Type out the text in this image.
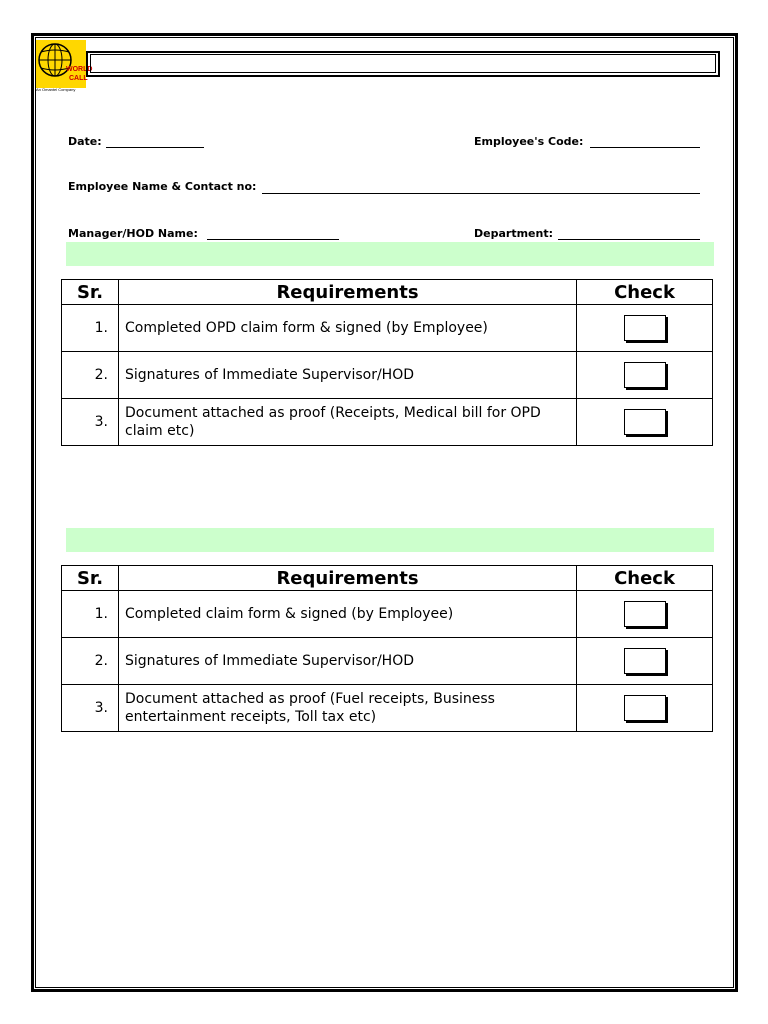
WORLD
CALL
An Omantel Company
Date:	Employee's Code:
Employee Name & Contact no:
Manager/HOD Name:	Department:
Sr.	Requirements	Check
1.	Completed OPD claim form & signed (by Employee)	
2.	Signatures of Immediate Supervisor/HOD	
3.	Document attached as proof (Receipts, Medical bill for OPD claim etc)	
Sr.	Requirements	Check
1.	Completed claim form & signed (by Employee)	
2.	Signatures of Immediate Supervisor/HOD	
3.	Document attached as proof (Fuel receipts, Business entertainment receipts, Toll tax etc)	
